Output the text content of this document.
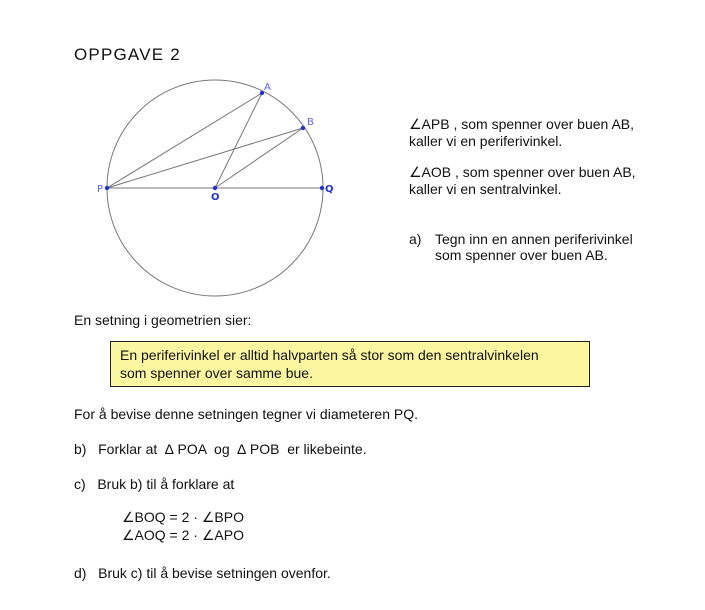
OPPGAVE 2
A
B
P
O
Q
∠APB , som spenner over buen AB,
kaller vi en periferivinkel.
∠AOB , som spenner over buen AB,
kaller vi en sentralvinkel.
a) Tegn inn en annen periferivinkel
som spenner over buen AB.
En setning i geometrien sier:
En periferivinkel er alltid halvparten så stor som den sentralvinkelen
som spenner over samme bue.
For å bevise denne setningen tegner vi diameteren PQ.
b)   Forklar at  ∆ POA  og  ∆ POB  er likebeinte.
c)   Bruk b) til å forklare at
∠BOQ = 2 · ∠BPO
∠AOQ = 2 · ∠APO
d)   Bruk c) til å bevise setningen ovenfor.
